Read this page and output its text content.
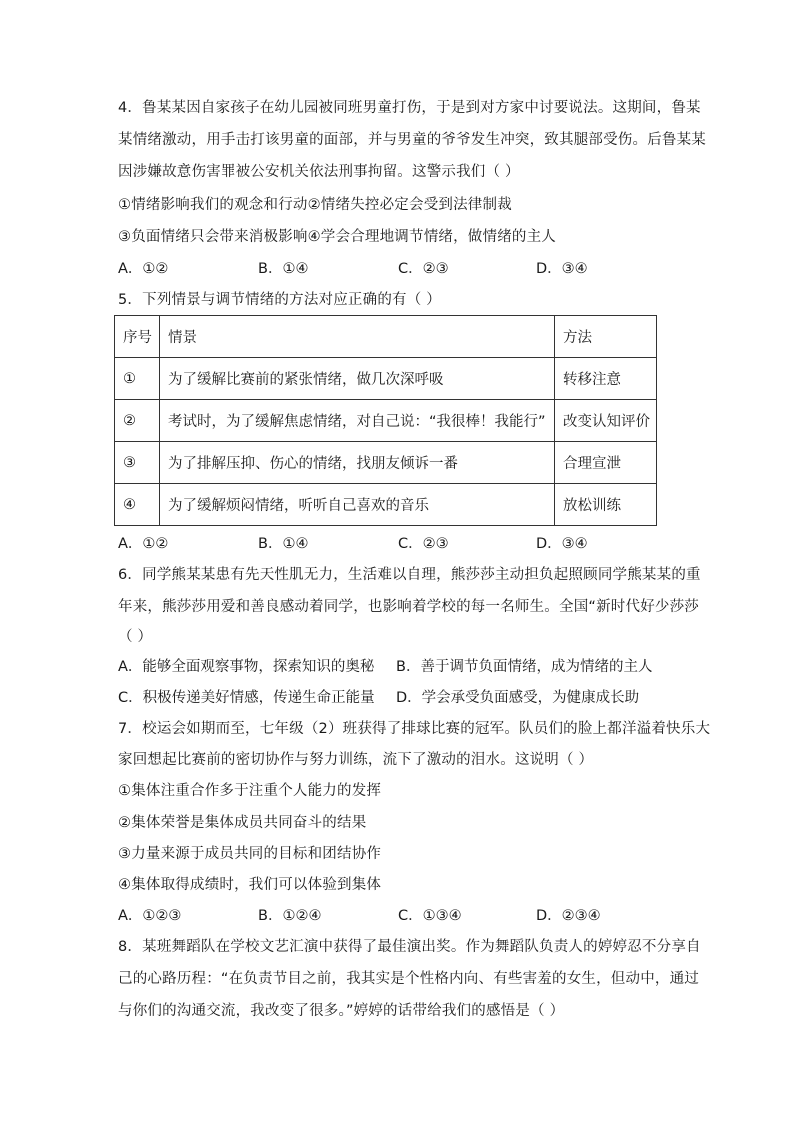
4．鲁某某因自家孩子在幼儿园被同班男童打伤，于是到对方家中讨要说法。这期间，鲁某
某情绪激动，用手击打该男童的面部，并与男童的爷爷发生冲突，致其腿部受伤。后鲁某某
因涉嫌故意伤害罪被公安机关依法刑事拘留。这警示我们（ ）
①情绪影响我们的观念和行动②情绪失控必定会受到法律制裁
③负面情绪只会带来消极影响④学会合理地调节情绪，做情绪的主人
A．①②	B．①④	C．②③	D．③④
5．下列情景与调节情绪的方法对应正确的有（ ）
序号	情景	方法
①	为了缓解比赛前的紧张情绪，做几次深呼吸	转移注意
②	考试时，为了缓解焦虑情绪，对自己说：“我很棒！我能行”	改变认知评价
③	为了排解压抑、伤心的情绪，找朋友倾诉一番	合理宣泄
④	为了缓解烦闷情绪，听听自己喜欢的音乐	放松训练
A．①②	B．①④	C．②③	D．③④
6．同学熊某某患有先天性肌无力，生活难以自理，熊莎莎主动担负起照顾同学熊某某的重
年来，熊莎莎用爱和善良感动着同学，也影响着学校的每一名师生。全国“新时代好少莎莎
（ ）
A．能够全面观察事物，探索知识的奥秘 B．善于调节负面情绪，成为情绪的主人
C．积极传递美好情感，传递生命正能量 D．学会承受负面感受，为健康成长助
7．校运会如期而至，七年级（2）班获得了排球比赛的冠军。队员们的脸上都洋溢着快乐大
家回想起比赛前的密切协作与努力训练，流下了激动的泪水。这说明（ ）
①集体注重合作多于注重个人能力的发挥
②集体荣誉是集体成员共同奋斗的结果
③力量来源于成员共同的目标和团结协作
④集体取得成绩时，我们可以体验到集体
A．①②③	B．①②④	C．①③④	D．②③④
8．某班舞蹈队在学校文艺汇演中获得了最佳演出奖。作为舞蹈队负责人的婷婷忍不分享自
己的心路历程：“在负责节目之前，我其实是个性格内向、有些害羞的女生，但动中，通过
与你们的沟通交流，我改变了很多。”婷婷的话带给我们的感悟是（ ）
